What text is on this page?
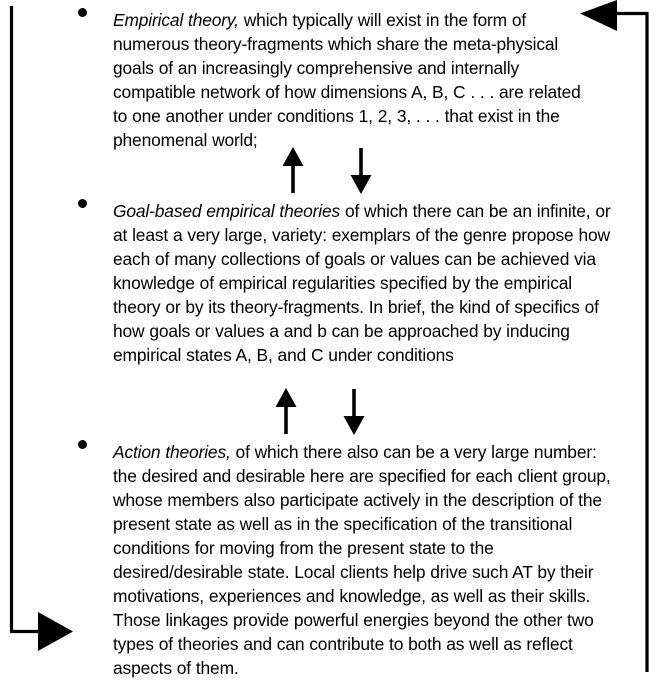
Empirical theory, which typically will exist in the form of numerous theory-fragments which share the meta-physical goals of an increasingly comprehensive and internally compatible network of how dimensions A, B, C . . . are related to one another under conditions 1, 2, 3, . . . that exist in the phenomenal world;

Goal-based empirical theories of which there can be an infinite, or at least a very large, variety: exemplars of the genre propose how each of many collections of goals or values can be achieved via knowledge of empirical regularities specified by the empirical theory or by its theory-fragments. In brief, the kind of specifics of how goals or values a and b can be approached by inducing empirical states A, B, and C under conditions

Action theories, of which there also can be a very large number: the desired and desirable here are specified for each client group, whose members also participate actively in the description of the present state as well as in the specification of the transitional conditions for moving from the present state to the desired/desirable state. Local clients help drive such AT by their motivations, experiences and knowledge, as well as their skills. Those linkages provide powerful energies beyond the other two types of theories and can contribute to both as well as reflect aspects of them.
